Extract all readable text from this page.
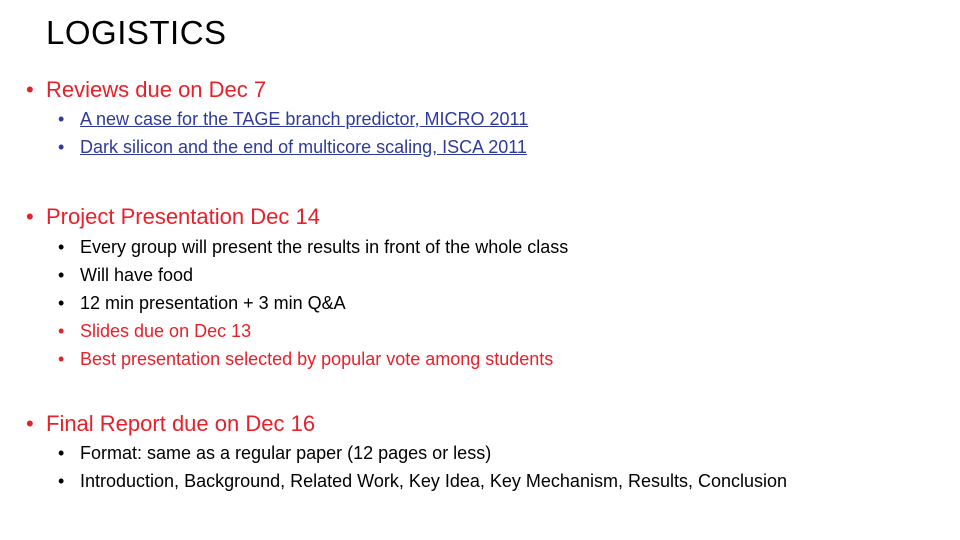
LOGISTICS
• Reviews due on Dec 7
• A new case for the TAGE branch predictor, MICRO 2011
• Dark silicon and the end of multicore scaling, ISCA 2011
• Project Presentation Dec 14
• Every group will present the results in front of the whole class
• Will have food
• 12 min presentation + 3 min Q&A
• Slides due on Dec 13
• Best presentation selected by popular vote among students
• Final Report due on Dec 16
• Format: same as a regular paper (12 pages or less)
• Introduction, Background, Related Work, Key Idea, Key Mechanism, Results, Conclusion
